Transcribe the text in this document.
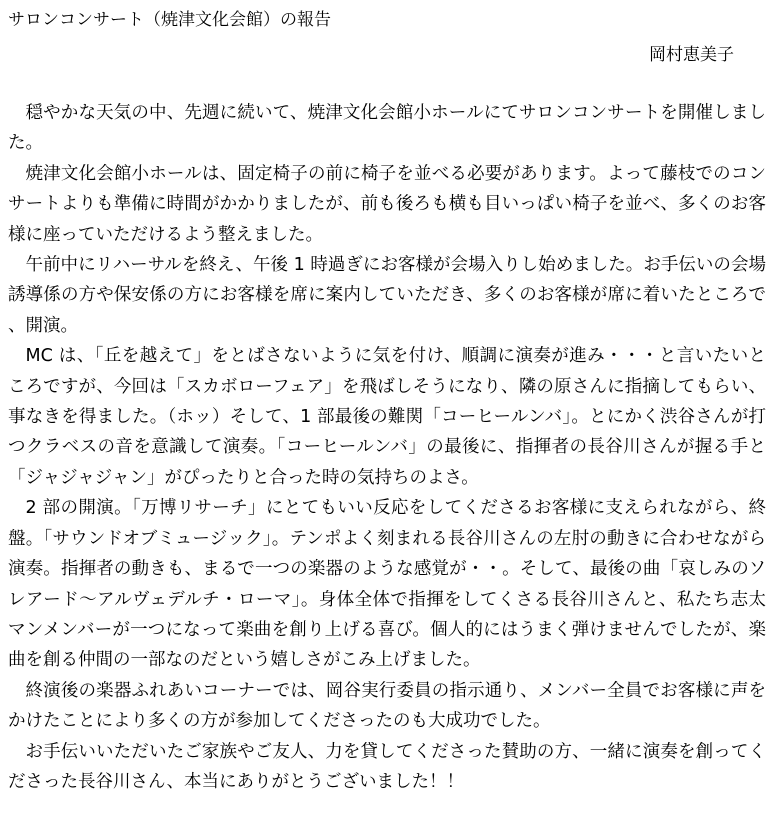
サロンコンサート（焼津文化会館）の報告
岡村恵美子

穏やかな天気の中、先週に続いて、焼津文化会館小ホールにてサロンコンサートを開催しました。

焼津文化会館小ホールは、固定椅子の前に椅子を並べる必要があります。よって藤枝でのコンサートよりも準備に時間がかかりましたが、前も後ろも横も目いっぱい椅子を並べ、多くのお客様に座っていただけるよう整えました。

午前中にリハーサルを終え、午後 1 時過ぎにお客様が会場入りし始めました。お手伝いの会場誘導係の方や保安係の方にお客様を席に案内していただき、多くのお客様が席に着いたところで、開演。

MC は、「丘を越えて」をとばさないように気を付け、順調に演奏が進み・・・と言いたいところですが、今回は「スカボローフェア」を飛ばしそうになり、隣の原さんに指摘してもらい、事なきを得ました。（ホッ）そして、1 部最後の難関「コーヒールンバ」。とにかく渋谷さんが打つクラベスの音を意識して演奏。「コーヒールンバ」の最後に、指揮者の長谷川さんが握る手と「ジャジャジャン」がぴったりと合った時の気持ちのよさ。

2 部の開演。「万博リサーチ」にとてもいい反応をしてくださるお客様に支えられながら、終盤。「サウンドオブミュージック」。テンポよく刻まれる長谷川さんの左肘の動きに合わせながら演奏。指揮者の動きも、まるで一つの楽器のような感覚が・・。そして、最後の曲「哀しみのソレアード～アルヴェデルチ・ローマ」。身体全体で指揮をしてくさる長谷川さんと、私たち志太マンメンバーが一つになって楽曲を創り上げる喜び。個人的にはうまく弾けませんでしたが、楽曲を創る仲間の一部なのだという嬉しさがこみ上げました。

終演後の楽器ふれあいコーナーでは、岡谷実行委員の指示通り、メンバー全員でお客様に声をかけたことにより多くの方が参加してくださったのも大成功でした。

お手伝いいただいたご家族やご友人、力を貸してくださった賛助の方、一緒に演奏を創ってくださった長谷川さん、本当にありがとうございました！！
